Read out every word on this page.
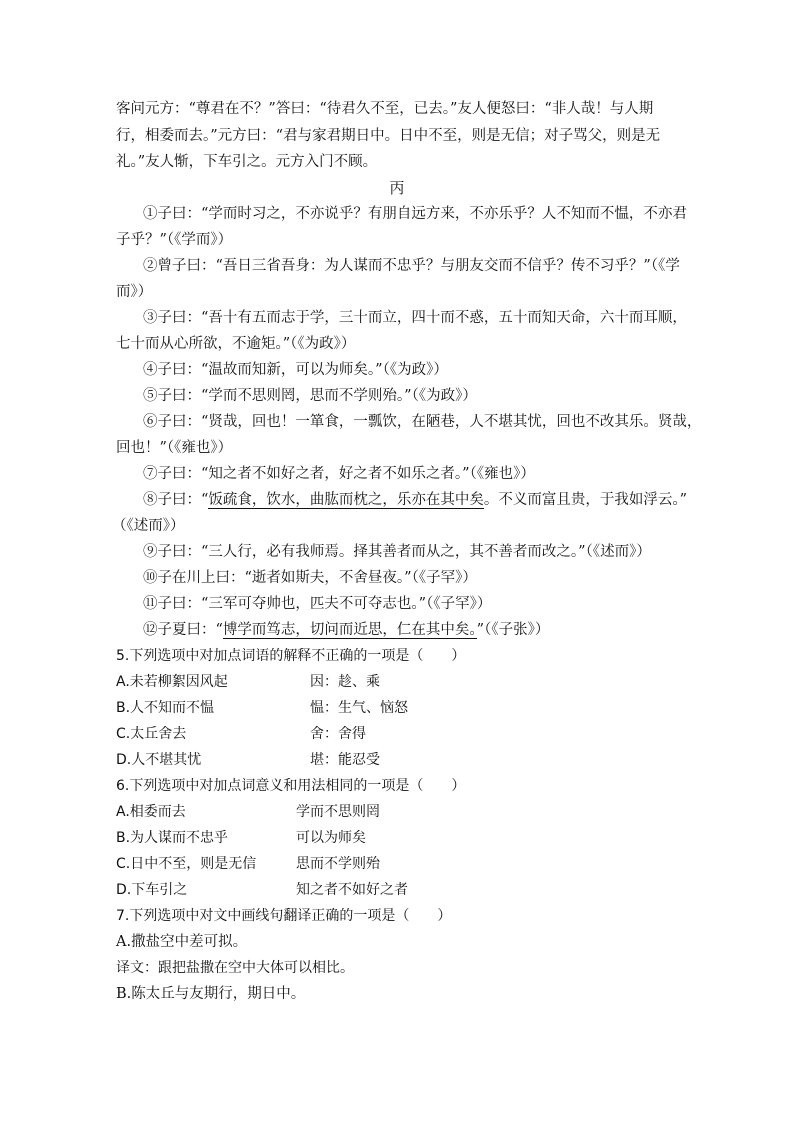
客问元方：“尊君在不？”答曰：“待君久不至，已去。”友人便怒曰：“非人哉！与人期
行，相委而去。”元方曰：“君与家君期日中。日中不至，则是无信；对子骂父，则是无
礼。”友人惭，下车引之。元方入门不顾。
丙
①子曰：“学而时习之，不亦说乎？有朋自远方来，不亦乐乎？人不知而不愠，不亦君
子乎？”（《学而》）
②曾子曰：“吾日三省吾身：为人谋而不忠乎？与朋友交而不信乎？传不习乎？”（《学
而》）
③子曰：“吾十有五而志于学，三十而立，四十而不惑，五十而知天命，六十而耳顺，
七十而从心所欲，不逾矩。”（《为政》）
④子曰：“温故而知新，可以为师矣。”（《为政》）
⑤子曰：“学而不思则罔，思而不学则殆。”（《为政》）
⑥子曰：“贤哉，回也！一箪食，一瓢饮，在陋巷，人不堪其忧，回也不改其乐。贤哉，
回也！”（《雍也》）
⑦子曰：“知之者不如好之者，好之者不如乐之者。”（《雍也》）
⑧子曰：“饭疏食，饮水，曲肱而枕之，乐亦在其中矣。不义而富且贵，于我如浮云。”
（《述而》）
⑨子曰：“三人行，必有我师焉。择其善者而从之，其不善者而改之。”（《述而》）
⑩子在川上曰：“逝者如斯夫，不舍昼夜。”（《子罕》）
⑪子曰：“三军可夺帅也，匹夫不可夺志也。”（《子罕》）
⑫子夏曰：“博学而笃志，切问而近思，仁在其中矣。”（《子张》）
5.下列选项中对加点词语的解释不正确的一项是（　　）
A.未若柳絮因风起	因：趁、乘
B.人不知而不愠	愠：生气、恼怒
C.太丘舍去	舍：舍得
D.人不堪其忧	堪：能忍受
6.下列选项中对加点词意义和用法相同的一项是（　　）
A.相委而去	学而不思则罔
B.为人谋而不忠乎	可以为师矣
C.日中不至，则是无信	思而不学则殆
D.下车引之	知之者不如好之者
7.下列选项中对文中画线句翻译正确的一项是（　　）
A.撒盐空中差可拟。
译文：跟把盐撒在空中大体可以相比。
B.陈太丘与友期行，期日中。
